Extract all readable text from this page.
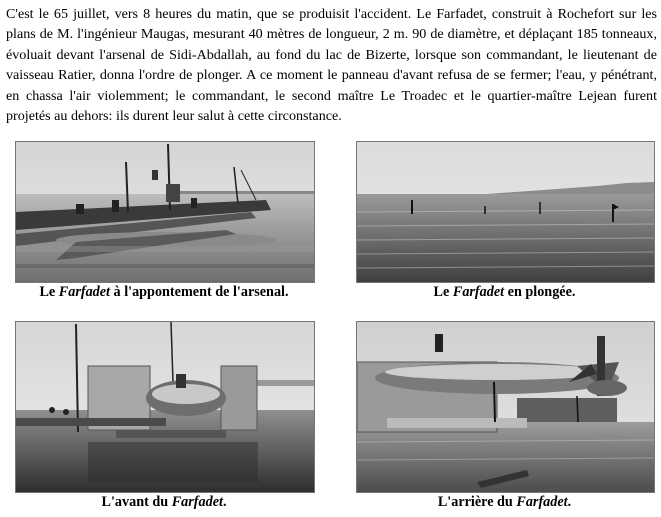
C'est le 65 juillet, vers 8 heures du matin, que se produisit l'accident. Le Farfadet, construit à Rochefort sur les plans de M. l'ingénieur Maugas, mesurant 40 mètres de longueur, 2 m. 90 de diamètre, et déplaçant 185 tonneaux, évoluait devant l'arsenal de Sidi-Abdallah, au fond du lac de Bizerte, lorsque son commandant, le lieutenant de vaisseau Ratier, donna l'ordre de plonger. A ce moment le panneau d'avant refusa de se fermer; l'eau, y pénétrant, en chassa l'air violemment; le commandant, le second maître Le Troadec et le quartier-maître Lejean furent projetés au dehors: ils durent leur salut à cette circonstance.

Le Farfadet à l'appontement de l'arsenal.	Le Farfadet en plongée.
L'avant du Farfadet.	L'arrière du Farfadet.
